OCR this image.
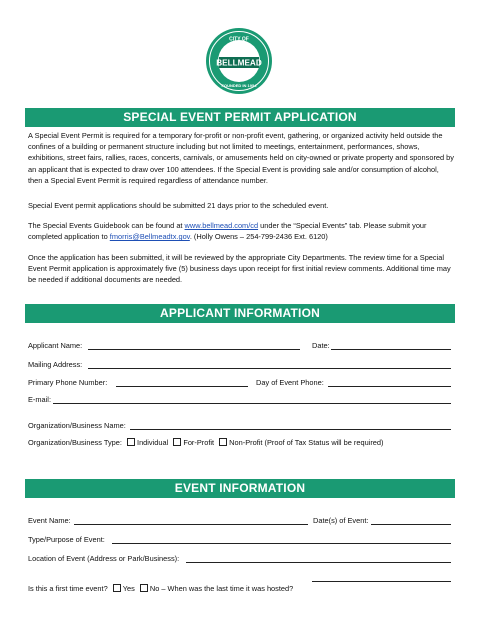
CITY OF
BELLMEAD
FOUNDED IN 1954
SPECIAL EVENT PERMIT APPLICATION
A Special Event Permit is required for a temporary for-profit or non-profit event, gathering, or organized activity held outside the confines of a building or permanent structure including but not limited to meetings, entertainment, performances, shows, exhibitions, street fairs, rallies, races, concerts, carnivals, or amusements held on city-owned or private property and sponsored by an applicant that is expected to draw over 100 attendees. If the Special Event is providing sale and/or consumption of alcohol, then a Special Event Permit is required regardless of attendance number.
Special Event permit applications should be submitted 21 days prior to the scheduled event.
The Special Events Guidebook can be found at www.bellmead.com/cd under the “Special Events” tab. Please submit your completed application to fmorris@Bellmeadtx.gov. (Holly Owens – 254-799-2436 Ext. 6120)
Once the application has been submitted, it will be reviewed by the appropriate City Departments. The review time for a Special Event Permit application is approximately five (5) business days upon receipt for first initial review comments. Additional time may be needed if additional documents are needed.
APPLICANT INFORMATION
Applicant Name:	Date:
Mailing Address:
Primary Phone Number:	Day of Event Phone:
E-mail:
Organization/Business Name:
Organization/Business Type: Individual For-Profit Non-Profit (Proof of Tax Status will be required)
EVENT INFORMATION
Event Name:	Date(s) of Event:
Type/Purpose of Event:
Location of Event (Address or Park/Business):
Is this a first time event? Yes No – When was the last time it was hosted?
